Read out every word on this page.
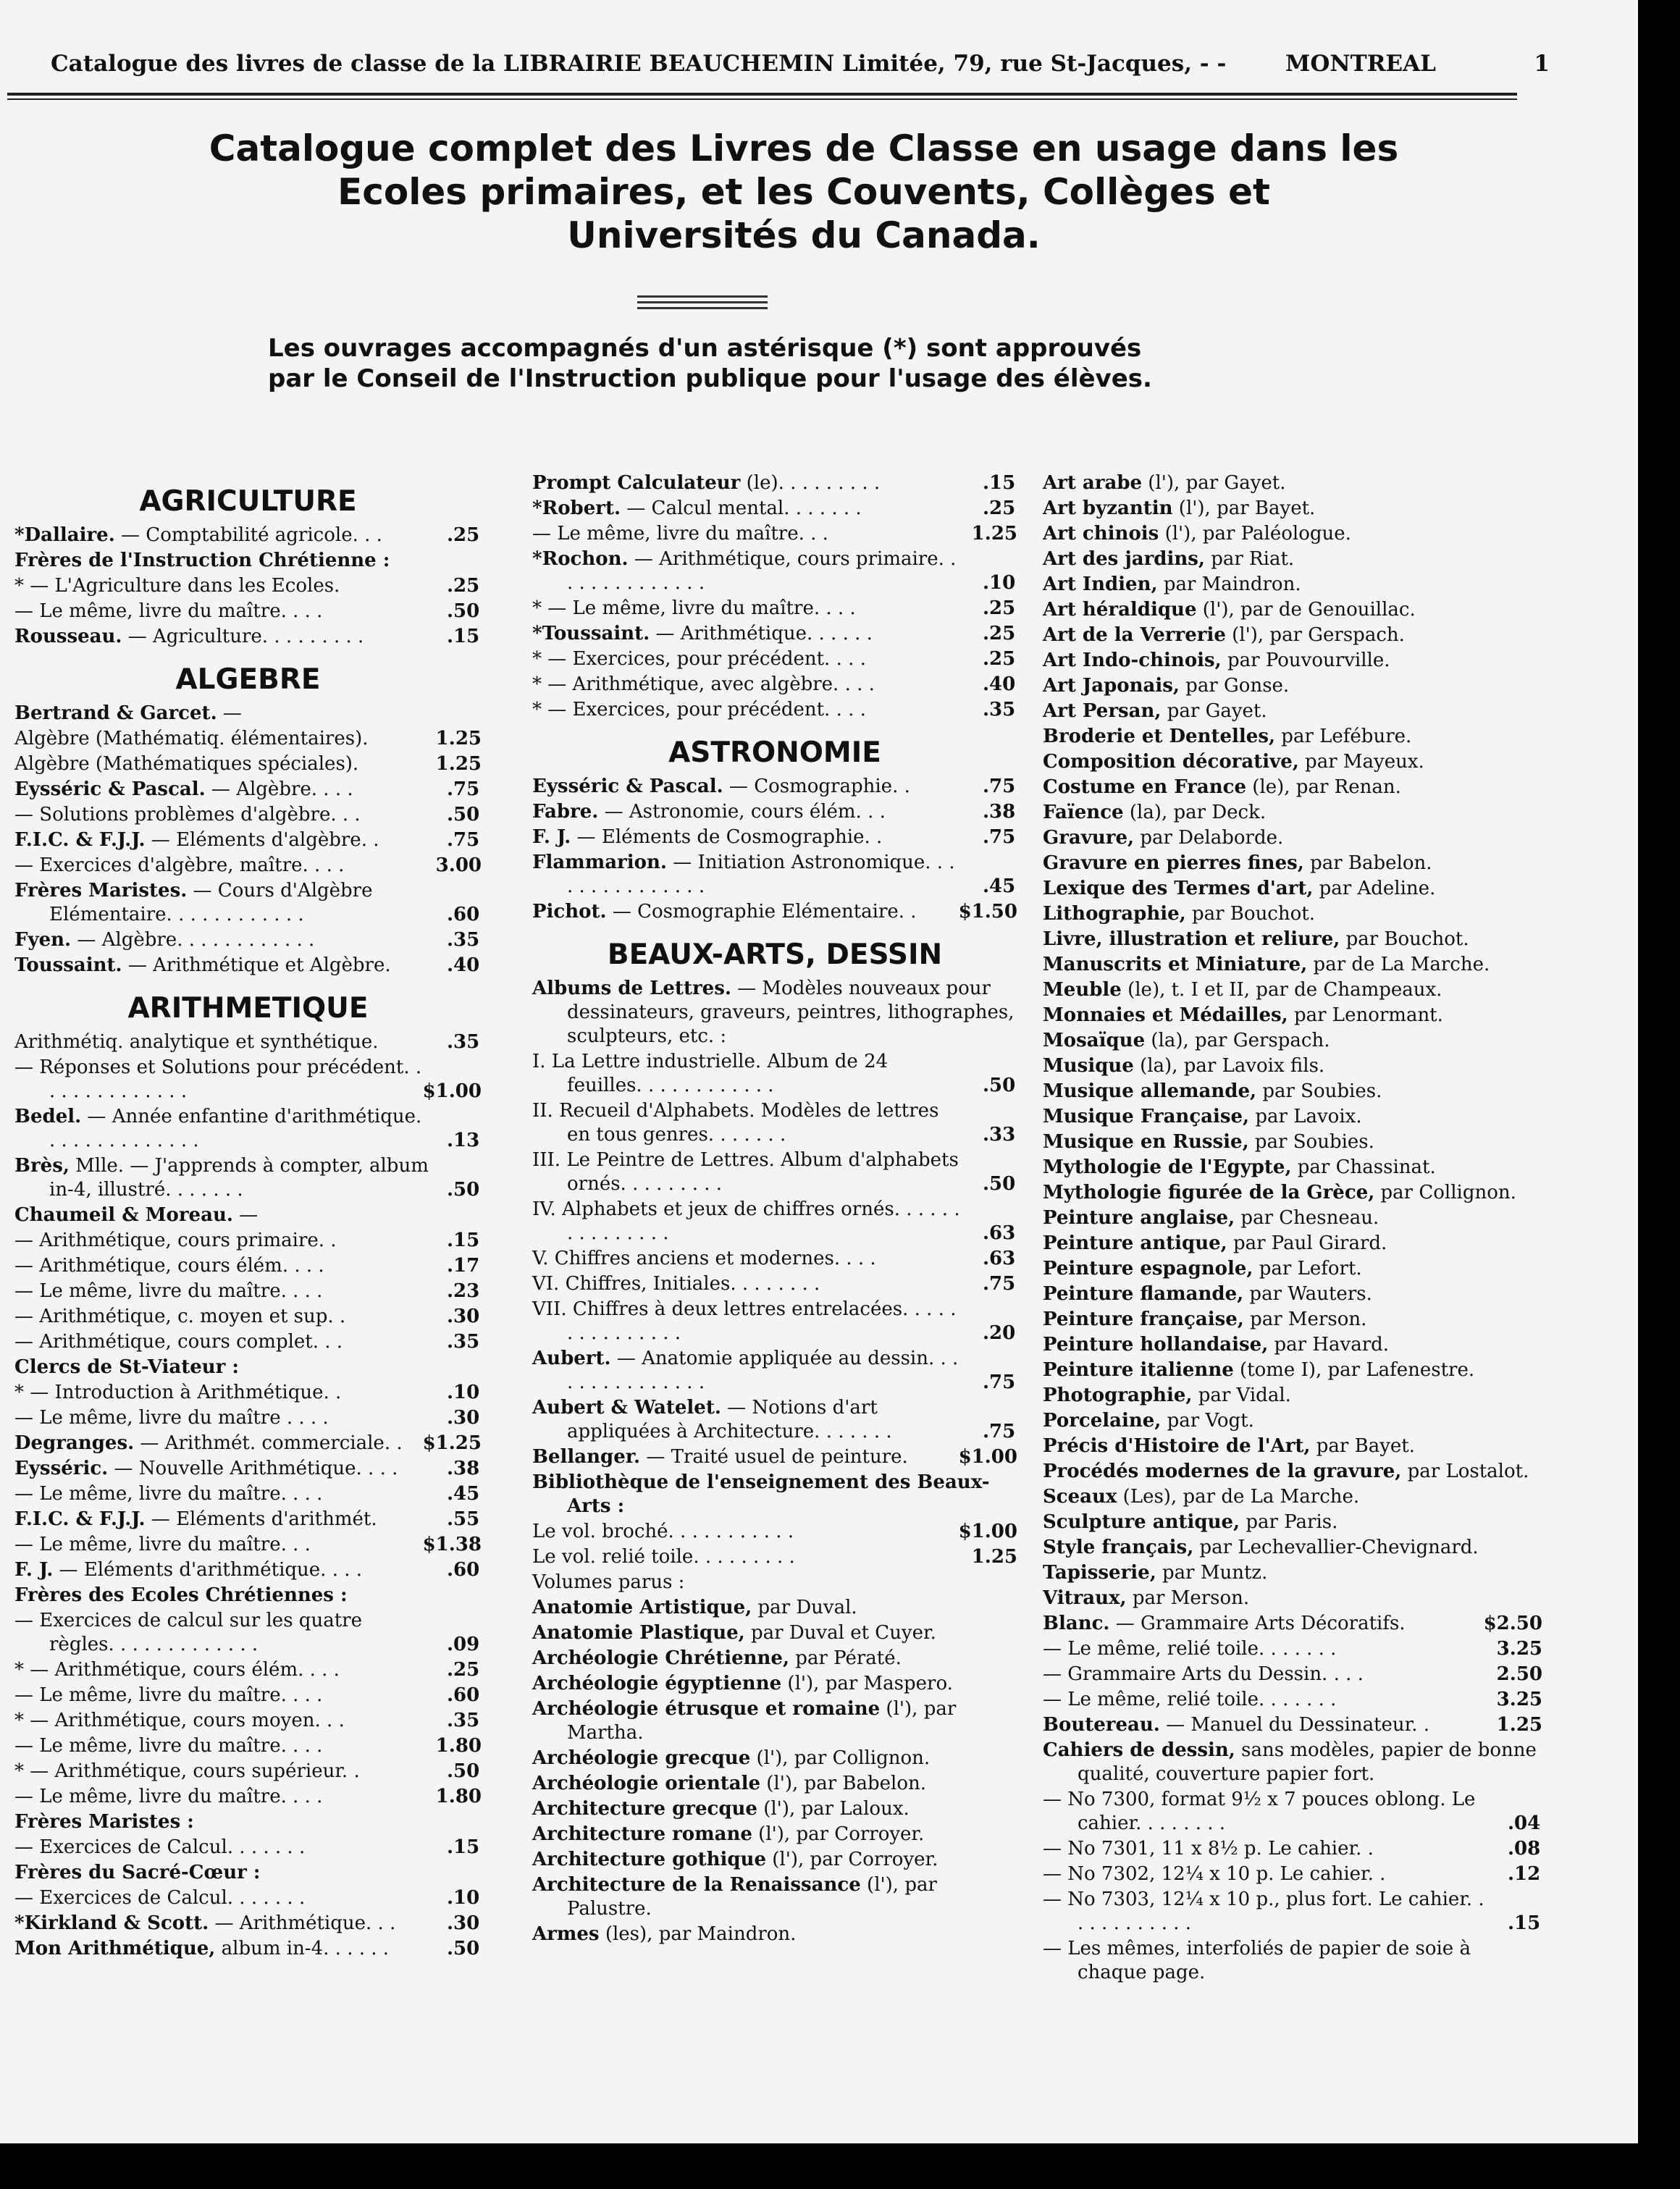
Catalogue des livres de classe de la LIBRAIRIE BEAUCHEMIN Limitée, 79, rue St-Jacques, - -	MONTREAL	1
Catalogue complet des Livres de Classe en usage dans les
Ecoles primaires, et les Couvents, Collèges et
Universités du Canada.
Les ouvrages accompagnés d'un astérisque (*) sont approuvés
par le Conseil de l'Instruction publique pour l'usage des élèves.
AGRICULTURE
*Dallaire. — Comptabilité agricole. . .	.25
Frères de l'Instruction Chrétienne :
* — L'Agriculture dans les Ecoles.	.25
— Le même, livre du maître. . . .	.50
Rousseau. — Agriculture. . . . . . . . .	.15
ALGEBRE
Bertrand & Garcet. —
Algèbre (Mathématiq. élémentaires).	1.25
Algèbre (Mathématiques spéciales).	1.25
Eysséric & Pascal. — Algèbre. . . .	.75
— Solutions problèmes d'algèbre. . .	.50
F.I.C. & F.J.J. — Eléments d'algèbre. .	.75
— Exercices d'algèbre, maître. . . .	3.00
Frères Maristes. — Cours d'Algèbre Elémentaire. . . . . . . . . . . .	.60
Fyen. — Algèbre. . . . . . . . . . . .	.35
Toussaint. — Arithmétique et Algèbre.	.40
ARITHMETIQUE
Arithmétiq. analytique et synthétique.	.35
— Réponses et Solutions pour précédent. . . . . . . . . . . . . .	$1.00
Bedel. — Année enfantine d'arithmétique. . . . . . . . . . . . . .	.13
Brès, Mlle. — J'apprends à compter, album in-4, illustré. . . . . . .	.50
Chaumeil & Moreau. —
— Arithmétique, cours primaire. .	.15
— Arithmétique, cours élém. . . .	.17
— Le même, livre du maître. . . .	.23
— Arithmétique, c. moyen et sup. .	.30
— Arithmétique, cours complet. . .	.35
Clercs de St-Viateur :
* — Introduction à Arithmétique. .	.10
— Le même, livre du maître . . . .	.30
Degranges. — Arithmét. commerciale. . $1.25
Eysséric. — Nouvelle Arithmétique. . . .	.38
— Le même, livre du maître. . . .	.45
F.I.C. & F.J.J. — Eléments d'arithmét.	.55
— Le même, livre du maître. . .	$1.38
F. J. — Eléments d'arithmétique. . . .	.60
Frères des Ecoles Chrétiennes :
— Exercices de calcul sur les quatre règles. . . . . . . . . . . . .	.09
* — Arithmétique, cours élém. . . .	.25
— Le même, livre du maître. . . .	.60
* — Arithmétique, cours moyen. . .	.35
— Le même, livre du maître. . . .	1.80
* — Arithmétique, cours supérieur. .	.50
— Le même, livre du maître. . . .	1.80
Frères Maristes :
— Exercices de Calcul. . . . . . .	.15
Frères du Sacré-Cœur :
— Exercices de Calcul. . . . . . .	.10
*Kirkland & Scott. — Arithmétique. . .	.30
Mon Arithmétique, album in-4. . . . . .	.50
Prompt Calculateur (le). . . . . . . . .	.15
*Robert. — Calcul mental. . . . . . .	.25
— Le même, livre du maître. . .	1.25
*Rochon. — Arithmétique, cours primaire. . . . . . . . . . . . . .	.10
* — Le même, livre du maître. . . .	.25
*Toussaint. — Arithmétique. . . . . .	.25
* — Exercices, pour précédent. . . .	.25
* — Arithmétique, avec algèbre. . . .	.40
* — Exercices, pour précédent. . . .	.35
ASTRONOMIE
Eysséric & Pascal. — Cosmographie. .	.75
Fabre. — Astronomie, cours élém. . .	.38
F. J. — Eléments de Cosmographie. .	.75
Flammarion. — Initiation Astronomique. . . . . . . . . . . . . . .	.45
Pichot. — Cosmographie Elémentaire. . $1.50
BEAUX-ARTS, DESSIN
Albums de Lettres. — Modèles nouveaux pour dessinateurs, graveurs, peintres, lithographes, sculpteurs, etc. :
I. La Lettre industrielle. Album de 24 feuilles. . . . . . . . . . . .	.50
II. Recueil d'Alphabets. Modèles de lettres en tous genres. . . . . . .	.33
III. Le Peintre de Lettres. Album d'alphabets ornés. . . . . . . . .	.50
IV. Alphabets et jeux de chiffres ornés. . . . . . . . . . . . . . .	.63
V. Chiffres anciens et modernes. . . .	.63
VI. Chiffres, Initiales. . . . . . . .	.75
VII. Chiffres à deux lettres entrelacées. . . . . . . . . . . . . . .	.20
Aubert. — Anatomie appliquée au dessin. . . . . . . . . . . . . . .	.75
Aubert & Watelet. — Notions d'art appliquées à Architecture. . . . . . .	.75
Bellanger. — Traité usuel de peinture.	$1.00
Bibliothèque de l'enseignement des Beaux-Arts :
Le vol. broché. . . . . . . . . . .	$1.00
Le vol. relié toile. . . . . . . . .	1.25
Volumes parus :
Anatomie Artistique, par Duval.
Anatomie Plastique, par Duval et Cuyer.
Archéologie Chrétienne, par Pératé.
Archéologie égyptienne (l'), par Maspero.
Archéologie étrusque et romaine (l'), par Martha.
Archéologie grecque (l'), par Collignon.
Archéologie orientale (l'), par Babelon.
Architecture grecque (l'), par Laloux.
Architecture romane (l'), par Corroyer.
Architecture gothique (l'), par Corroyer.
Architecture de la Renaissance (l'), par Palustre.
Armes (les), par Maindron.
Art arabe (l'), par Gayet.
Art byzantin (l'), par Bayet.
Art chinois (l'), par Paléologue.
Art des jardins, par Riat.
Art Indien, par Maindron.
Art héraldique (l'), par de Genouillac.
Art de la Verrerie (l'), par Gerspach.
Art Indo-chinois, par Pouvourville.
Art Japonais, par Gonse.
Art Persan, par Gayet.
Broderie et Dentelles, par Lefébure.
Composition décorative, par Mayeux.
Costume en France (le), par Renan.
Faïence (la), par Deck.
Gravure, par Delaborde.
Gravure en pierres fines, par Babelon.
Lexique des Termes d'art, par Adeline.
Lithographie, par Bouchot.
Livre, illustration et reliure, par Bouchot.
Manuscrits et Miniature, par de La Marche.
Meuble (le), t. I et II, par de Champeaux.
Monnaies et Médailles, par Lenormant.
Mosaïque (la), par Gerspach.
Musique (la), par Lavoix fils.
Musique allemande, par Soubies.
Musique Française, par Lavoix.
Musique en Russie, par Soubies.
Mythologie de l'Egypte, par Chassinat.
Mythologie figurée de la Grèce, par Collignon.
Peinture anglaise, par Chesneau.
Peinture antique, par Paul Girard.
Peinture espagnole, par Lefort.
Peinture flamande, par Wauters.
Peinture française, par Merson.
Peinture hollandaise, par Havard.
Peinture italienne (tome I), par Lafenestre.
Photographie, par Vidal.
Porcelaine, par Vogt.
Précis d'Histoire de l'Art, par Bayet.
Procédés modernes de la gravure, par Lostalot.
Sceaux (Les), par de La Marche.
Sculpture antique, par Paris.
Style français, par Lechevallier-Chevignard.
Tapisserie, par Muntz.
Vitraux, par Merson.
Blanc. — Grammaire Arts Décoratifs.	$2.50
— Le même, relié toile. . . . . . .	3.25
— Grammaire Arts du Dessin. . . .	2.50
— Le même, relié toile. . . . . . .	3.25
Boutereau. — Manuel du Dessinateur. .	1.25
Cahiers de dessin, sans modèles, papier de bonne qualité, couverture papier fort.
— No 7300, format 9½ x 7 pouces oblong. Le cahier. . . . . . . .	.04
— No 7301, 11 x 8½ p. Le cahier. .	.08
— No 7302, 12¼ x 10 p. Le cahier. .	.12
— No 7303, 12¼ x 10 p., plus fort. Le cahier. . . . . . . . . . . .	.15
— Les mêmes, interfoliés de papier de soie à chaque page.
